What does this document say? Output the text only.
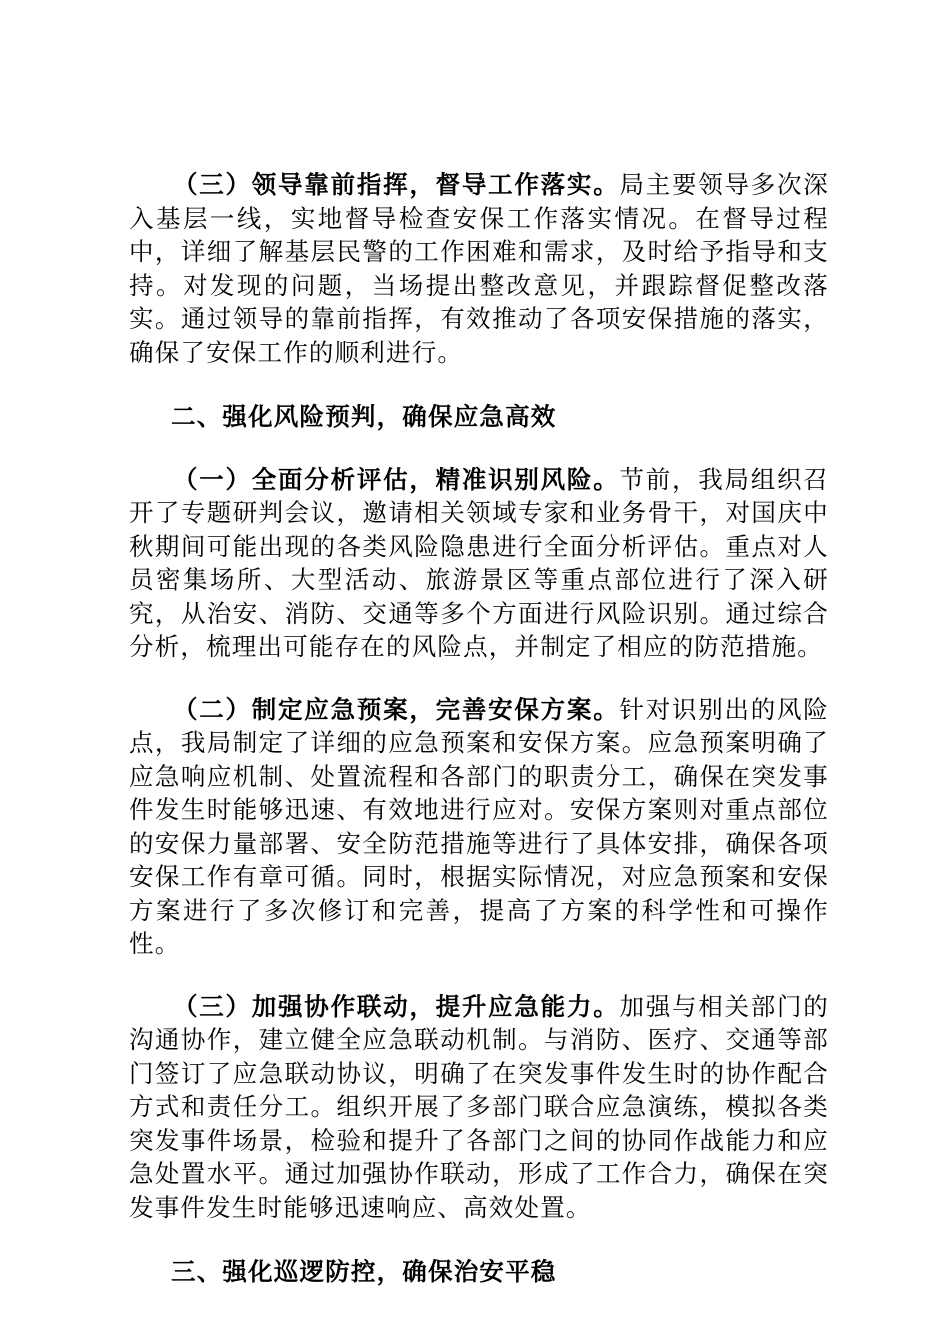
（三）领导靠前指挥，督导工作落实。局主要领导多次深入基层一线，实地督导检查安保工作落实情况。在督导过程中，详细了解基层民警的工作困难和需求，及时给予指导和支持。对发现的问题，当场提出整改意见，并跟踪督促整改落实。通过领导的靠前指挥，有效推动了各项安保措施的落实，确保了安保工作的顺利进行。

二、强化风险预判，确保应急高效

（一）全面分析评估，精准识别风险。节前，我局组织召开了专题研判会议，邀请相关领域专家和业务骨干，对国庆中秋期间可能出现的各类风险隐患进行全面分析评估。重点对人员密集场所、大型活动、旅游景区等重点部位进行了深入研究，从治安、消防、交通等多个方面进行风险识别。通过综合分析，梳理出可能存在的风险点，并制定了相应的防范措施。

（二）制定应急预案，完善安保方案。针对识别出的风险点，我局制定了详细的应急预案和安保方案。应急预案明确了应急响应机制、处置流程和各部门的职责分工，确保在突发事件发生时能够迅速、有效地进行应对。安保方案则对重点部位的安保力量部署、安全防范措施等进行了具体安排，确保各项安保工作有章可循。同时，根据实际情况，对应急预案和安保方案进行了多次修订和完善，提高了方案的科学性和可操作性。

（三）加强协作联动，提升应急能力。加强与相关部门的沟通协作，建立健全应急联动机制。与消防、医疗、交通等部门签订了应急联动协议，明确了在突发事件发生时的协作配合方式和责任分工。组织开展了多部门联合应急演练，模拟各类突发事件场景，检验和提升了各部门之间的协同作战能力和应急处置水平。通过加强协作联动，形成了工作合力，确保在突发事件发生时能够迅速响应、高效处置。

三、强化巡逻防控，确保治安平稳
